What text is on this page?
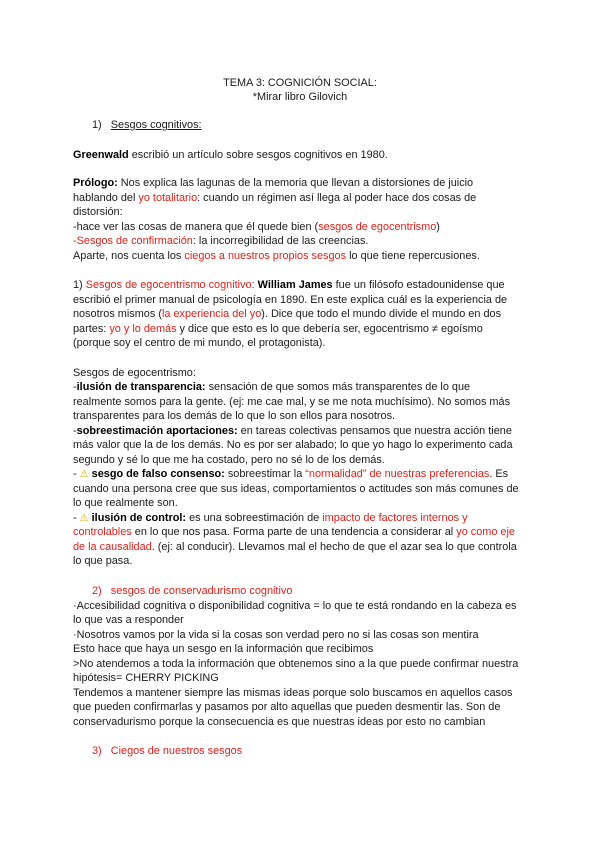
TEMA 3: COGNICIÓN SOCIAL:
*Mirar libro Gilovich
1) Sesgos cognitivos:
Greenwald escribió un artículo sobre sesgos cognitivos en 1980.
Prólogo: Nos explica las lagunas de la memoria que llevan a distorsiones de juicio
hablando del yo totalitario: cuando un régimen así llega al poder hace dos cosas de
distorsión:
-hace ver las cosas de manera que él quede bien (sesgos de egocentrismo)
-Sesgos de confirmación: la incorregibilidad de las creencias.
Aparte, nos cuenta los ciegos a nuestros propios sesgos lo que tiene repercusiones.
1) Sesgos de egocentrismo cognitivo: William James fue un filósofo estadounidense que
escribió el primer manual de psicología en 1890. En este explica cuál es la experiencia de
nosotros mismos (la experiencia del yo). Dice que todo el mundo divide el mundo en dos
partes: yo y lo demás y dice que esto es lo que debería ser, egocentrismo ≠ egoísmo
(porque soy el centro de mi mundo, el protagonista).
Sesgos de egocentrismo:
-ilusión de transparencia: sensación de que somos más transparentes de lo que
realmente somos para la gente. (ej: me cae mal, y se me nota muchísimo). No somos más
transparentes para los demás de lo que lo son ellos para nosotros.
-sobreestimación aportaciones: en tareas colectivas pensamos que nuestra acción tiene
más valor que la de los demás. No es por ser alabado; lo que yo hago lo experimento cada
segundo y sé lo que me ha costado, pero no sé lo de los demás.
- ⚠ sesgo de falso consenso: sobreestimar la “normalidad” de nuestras preferencias. Es
cuando una persona cree que sus ideas, comportamientos o actitudes son más comunes de
lo que realmente son.
- ⚠ ilusión de control: es una sobreestimación de impacto de factores internos y
controlables en lo que nos pasa. Forma parte de una tendencia a considerar al yo como eje
de la causalidad. (ej: al conducir). Llevamos mal el hecho de que el azar sea lo que controla
lo que pasa.
2) sesgos de conservadurismo cognitivo
·Accesibilidad cognitiva o disponibilidad cognitiva = lo que te está rondando en la cabeza es
lo que vas a responder
·Nosotros vamos por la vida si la cosas son verdad pero no si las cosas son mentira
Esto hace que haya un sesgo en la información que recibimos
>No atendemos a toda la información que obtenemos sino a la que puede confirmar nuestra
hipótesis= CHERRY PICKING
Tendemos a mantener siempre las mismas ideas porque solo buscamos en aquellos casos
que pueden confirmarlas y pasamos por alto aquellas que pueden desmentir las. Son de
conservadurismo porque la consecuencia es que nuestras ideas por esto no cambian
3) Ciegos de nuestros sesgos
